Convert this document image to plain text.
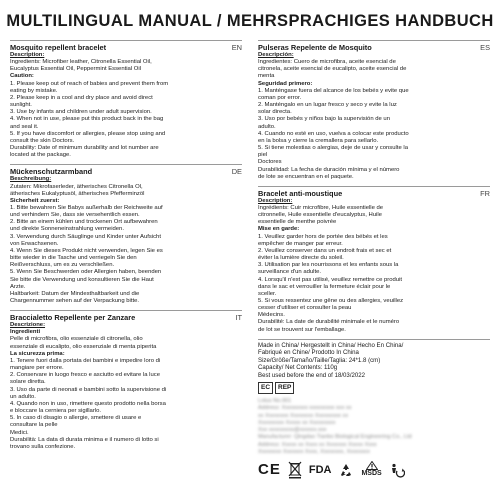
MULTILINGUAL MANUAL / MEHRSPRACHIGES HANDBUCH
Mosquito repellent bracelet	EN
Description:
Ingredients: Microfiber leather, Citronella Essential Oil,
Eucalyptus Essential Oil, Peppermint Essential Oil
Caution:
1. Please keep out of reach of babies and prevent them from
eating by mistake.
2. Please keep in a cool and dry place and avoid direct
sunlight.
3. Use by infants and children under adult supervision.
4. When not in use, please put this product back in the bag
and seal it.
5. If you have discomfort or allergies, please stop using and
consult the skin Doctors.
Durability: Date of minimum durability and lot number are
located at the package.
Mückenschutzarmband	DE
Beschreibung:
Zutaten: Mikrofaserleder, ätherisches Citronella Öl,
ätherisches Eukalyptusöl, ätherisches Pfefferminzöl
Sicherheit zuerst:
1. Bitte bewahren Sie Babys außerhalb der Reichweite auf
und verhindern Sie, dass sie versehentlich essen.
2. Bitte an einem kühlen und trockenen Ort aufbewahren
und direkte Sonneneinstrahlung vermeiden.
3. Verwendung durch Säuglinge und Kinder unter Aufsicht
von Erwachsenen.
4. Wenn Sie dieses Produkt nicht verwenden, legen Sie es
bitte wieder in die Tasche und verriegeln Sie den
Reißverschluss, um es zu verschließen.
5. Wenn Sie Beschwerden oder Allergien haben, beenden
Sie bitte die Verwendung und konsultieren Sie die Haut
Ärzte.
Haltbarkeit: Datum der Mindesthaltbarkeit und die
Chargennummer sehen auf der Verpackung bitte.
Braccialetto Repellente per Zanzare	IT
Descrizione:
Ingredienti
Pelle di microfibra, olio essenziale di citronella, olio
essenziale di eucalipto, olio essenziale di menta piperita
La sicurezza prima:
1. Tenere fuori dalla portata dei bambini e impedire loro di
mangiare per errore.
2. Conservare in luogo fresco e asciutto ed evitare la luce
solare diretta.
3. Uso da parte di neonati e bambini sotto la supervisione di
un adulto.
4. Quando non in uso, rimettere questo prodotto nella borsa
e bloccare la cerniera per sigillarlo.
5. In caso di disagio o allergie, smettere di usare e
consultare la pelle
Medici.
Durabilità: La data di durata minima e il numero di lotto si
trovano sulla confezione.
Pulseras Repelente de Mosquito	ES
Descripción:
Ingredientes: Cuero de microfibra, aceite esencial de
citronela, aceite esencial de eucalipto, aceite esencial de
menta
Seguridad primero:
1. Manténgase fuera del alcance de los bebés y evite que
coman por error.
2. Manténgalo en un lugar fresco y seco y evite la luz
solar directa.
3. Uso por bebés y niños bajo la supervisión de un
adulto.
4. Cuando no esté en uso, vuelva a colocar este producto
en la bolsa y cierre la cremallera para sellarlo.
5. Si tiene molestias o alergias, deje de usar y consulte la
piel
Doctores
Durabilidad: La fecha de duración mínima y el número
de lote se encuentran en el paquete.
Bracelet anti-moustique	FR
Description:
Ingrédients: Cuir microfibre, Huile essentielle de
citronnelle, Huile essentielle d'eucalyptus, Huile
essentielle de menthe poivrée
Mise en garde:
1. Veuillez garder hors de portée des bébés et les
empêcher de manger par erreur.
2. Veuillez conserver dans un endroit frais et sec et
éviter la lumière directe du soleil.
3. Utilisation par les nourrissons et les enfants sous la
surveillance d'un adulte.
4. Lorsqu'il n'est pas utilisé, veuillez remettre ce produit
dans le sac et verrouiller la fermeture éclair pour le
sceller.
5. Si vous ressentez une gêne ou des allergies, veuillez
cesser d'utiliser et consulter la peau
Médecins.
Durabilité: La date de durabilité minimale et le numéro
de lot se trouvent sur l'emballage.
Made in China/ Hergestellt in China/ Hecho En China/
Fabriqué en Chine/ Prodotto In China
Size/Größe/Tamaño/Taille/Taglia: 24*1.8 (cm)
Capacity/ Net Contents: 110g
Best used before the end of 18/03/2022
EC	REP
Lotus No.001
Address: Xxxxxxxxx xxxxxxxxx xxx xx
xx Xxxxxxxx Xxxxxxxx Xxxxxxxxx xx
Xxxxxxxxx Xxxxx xx Xxxxxxxxx
Xxx xxxxxxxxx@xxxxxx.xxx
Manufacturer: Qingdao Tianbo Biological Engineering Co., Ltd
Address: Xxxxx xx Xxxx xx Xxxxxxx Xxxxx Xxxx
Xxxxxxxx Xxxxxxx Xxxx, Xxxxxxxx, Xxxxxxxx
CE	FDA	MSDS
